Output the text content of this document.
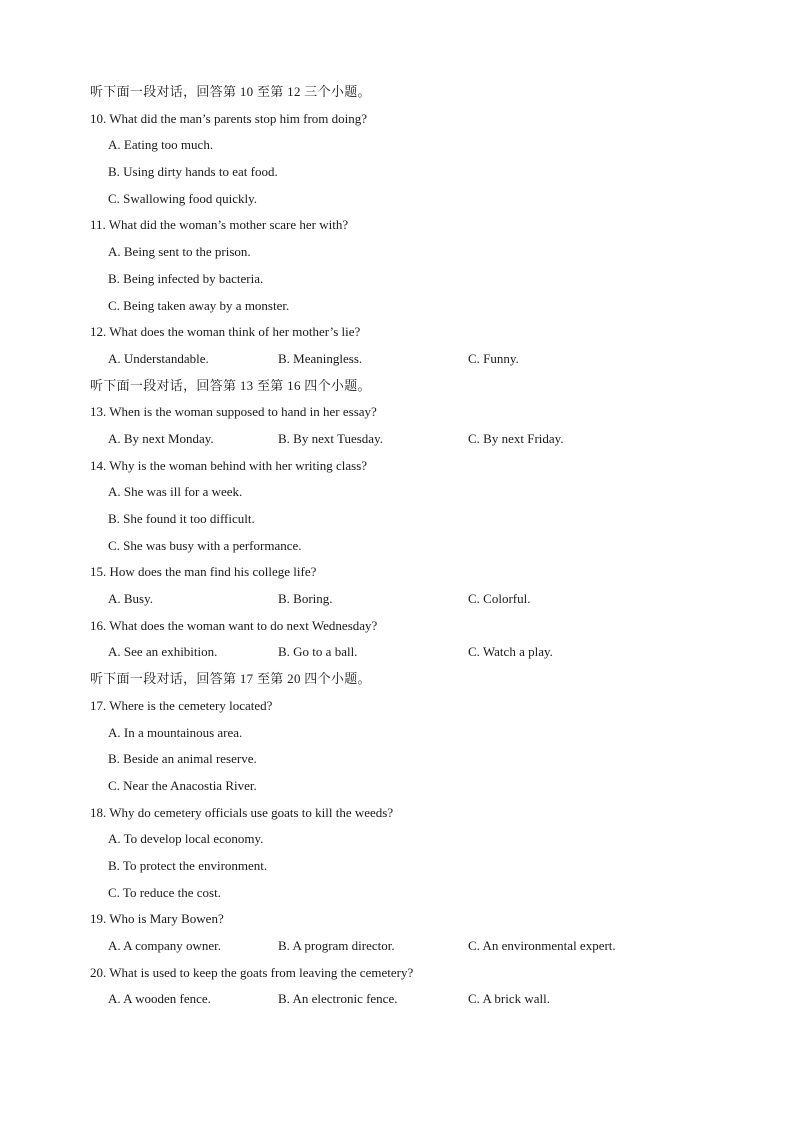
听下面一段对话，回答第 10 至第 12 三个小题。
10. What did the man’s parents stop him from doing?
A. Eating too much.
B. Using dirty hands to eat food.
C. Swallowing food quickly.
11. What did the woman’s mother scare her with?
A. Being sent to the prison.
B. Being infected by bacteria.
C. Being taken away by a monster.
12. What does the woman think of her mother’s lie?
A. Understandable.	B. Meaningless.	C. Funny.
听下面一段对话，回答第 13 至第 16 四个小题。
13. When is the woman supposed to hand in her essay?
A. By next Monday.	B. By next Tuesday.	C. By next Friday.
14. Why is the woman behind with her writing class?
A. She was ill for a week.
B. She found it too difficult.
C. She was busy with a performance.
15. How does the man find his college life?
A. Busy.	B. Boring.	C. Colorful.
16. What does the woman want to do next Wednesday?
A. See an exhibition.	B. Go to a ball.	C. Watch a play.
听下面一段对话，回答第 17 至第 20 四个小题。
17. Where is the cemetery located?
A. In a mountainous area.
B. Beside an animal reserve.
C. Near the Anacostia River.
18. Why do cemetery officials use goats to kill the weeds?
A. To develop local economy.
B. To protect the environment.
C. To reduce the cost.
19. Who is Mary Bowen?
A. A company owner.	B. A program director.	C. An environmental expert.
20. What is used to keep the goats from leaving the cemetery?
A. A wooden fence.	B. An electronic fence.	C. A brick wall.
